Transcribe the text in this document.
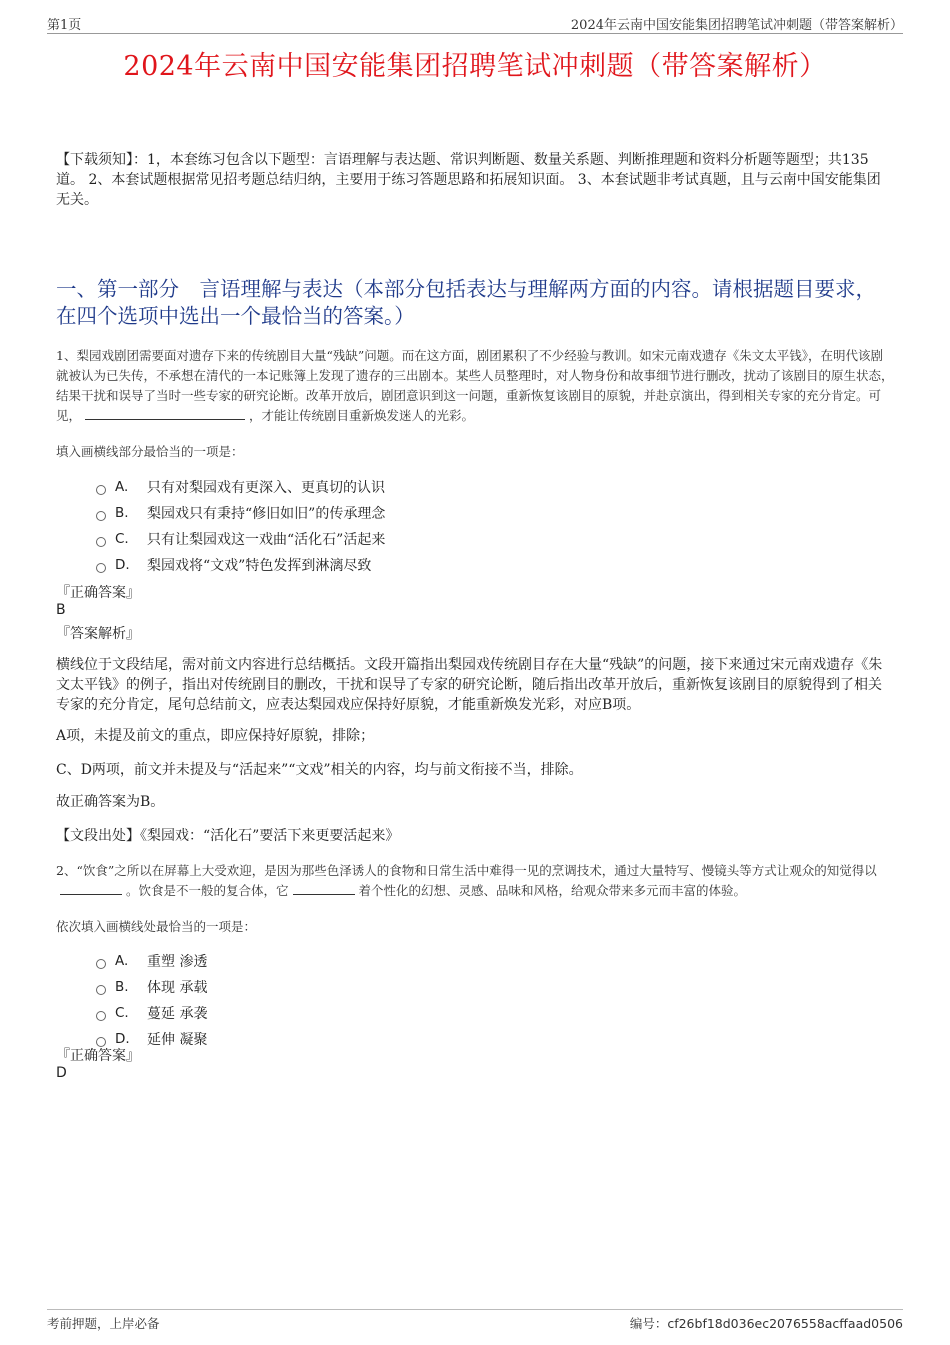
第1页	2024年云南中国安能集团招聘笔试冲刺题（带答案解析）
2024年云南中国安能集团招聘笔试冲刺题（带答案解析）
【下载须知】：1，本套练习包含以下题型：言语理解与表达题、常识判断题、数量关系题、判断推理题和资料分析题等题型；共135道。 2、本套试题根据常见招考题总结归纳，主要用于练习答题思路和拓展知识面。 3、本套试题非考试真题，且与云南中国安能集团无关。
一、第一部分　言语理解与表达（本部分包括表达与理解两方面的内容。请根据题目要求，在四个选项中选出一个最恰当的答案。）
1、梨园戏剧团需要面对遗存下来的传统剧目大量“残缺”问题。而在这方面，剧团累积了不少经验与教训。如宋元南戏遗存《朱文太平钱》，在明代该剧就被认为已失传，不承想在清代的一本记账簿上发现了遗存的三出剧本。某些人员整理时，对人物身份和故事细节进行删改，扰动了该剧目的原生状态，结果干扰和误导了当时一些专家的研究论断。改革开放后，剧团意识到这一问题，重新恢复该剧目的原貌，并赴京演出，得到相关专家的充分肯定。可见，	，才能让传统剧目重新焕发迷人的光彩。
填入画横线部分最恰当的一项是：
A.	只有对梨园戏有更深入、更真切的认识
B.	梨园戏只有秉持“修旧如旧”的传承理念
C.	只有让梨园戏这一戏曲“活化石”活起来
D.	梨园戏将“文戏”特色发挥到淋漓尽致
『正确答案』
B
『答案解析』
横线位于文段结尾，需对前文内容进行总结概括。文段开篇指出梨园戏传统剧目存在大量“残缺”的问题，接下来通过宋元南戏遗存《朱文太平钱》的例子，指出对传统剧目的删改，干扰和误导了专家的研究论断，随后指出改革开放后，重新恢复该剧目的原貌得到了相关专家的充分肯定，尾句总结前文，应表达梨园戏应保持好原貌，才能重新焕发光彩，对应B项。
A项，未提及前文的重点，即应保持好原貌，排除；
C、D两项，前文并未提及与“活起来”“文戏”相关的内容，均与前文衔接不当，排除。
故正确答案为B。
【文段出处】《梨园戏：“活化石”要活下来更要活起来》
2、“饮食”之所以在屏幕上大受欢迎，是因为那些色泽诱人的食物和日常生活中难得一见的烹调技术，通过大量特写、慢镜头等方式让观众的知觉得以。饮食是不一般的复合体，它	着个性化的幻想、灵感、品味和风格，给观众带来多元而丰富的体验。
依次填入画横线处最恰当的一项是：
A.	重塑 渗透
B.	体现 承载
C.	蔓延 承袭
D.	延伸 凝聚
『正确答案』
D
考前押题，上岸必备	编号：cf26bf18d036ec2076558acffaad0506
